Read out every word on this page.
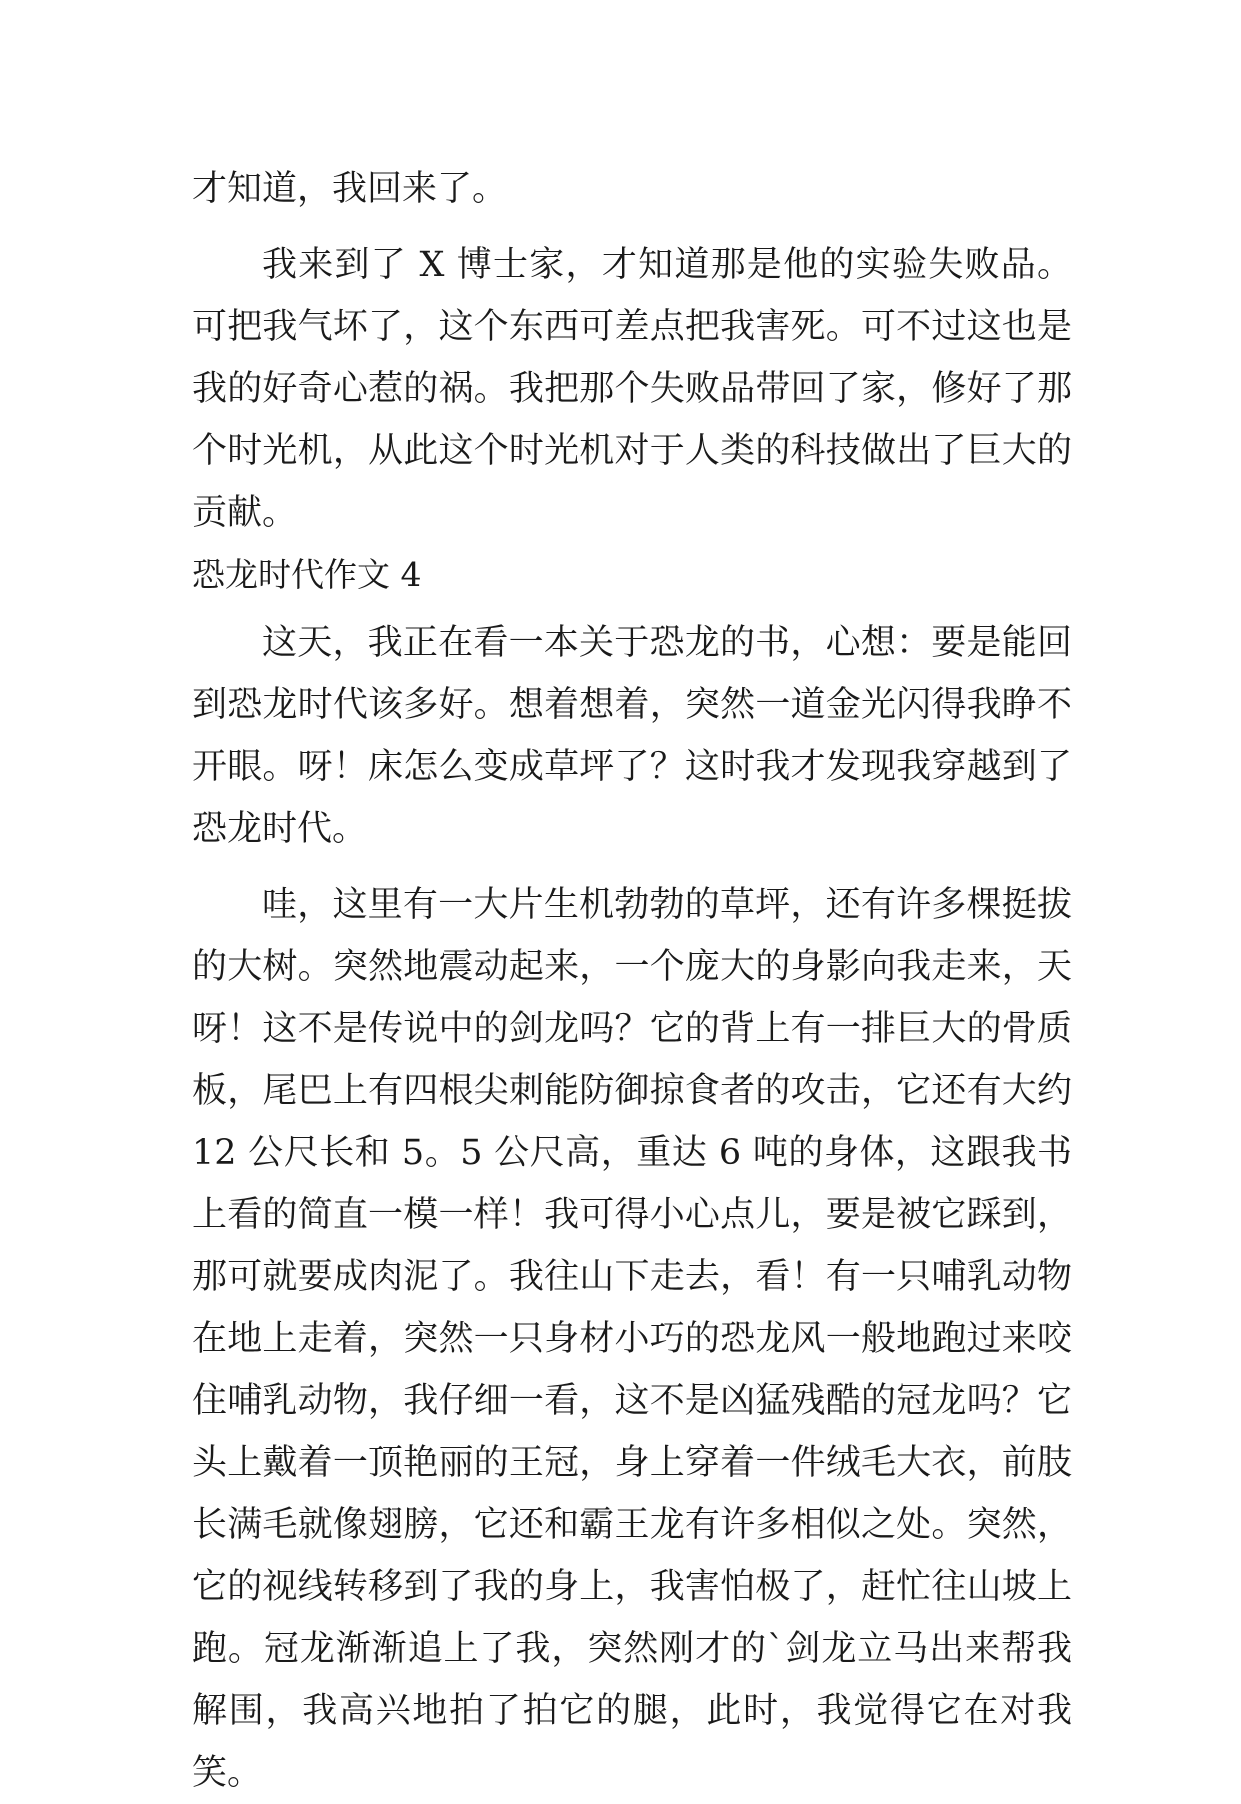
才知道，我回来了。

我来到了 X 博士家，才知道那是他的实验失败品。可把我气坏了，这个东西可差点把我害死。可不过这也是我的好奇心惹的祸。我把那个失败品带回了家，修好了那个时光机，从此这个时光机对于人类的科技做出了巨大的贡献。

恐龙时代作文 4

这天，我正在看一本关于恐龙的书，心想：要是能回到恐龙时代该多好。想着想着，突然一道金光闪得我睁不开眼。呀！床怎么变成草坪了？这时我才发现我穿越到了恐龙时代。

哇，这里有一大片生机勃勃的草坪，还有许多棵挺拔的大树。突然地震动起来，一个庞大的身影向我走来，天呀！这不是传说中的剑龙吗？它的背上有一排巨大的骨质板，尾巴上有四根尖刺能防御掠食者的攻击，它还有大约 12 公尺长和 5。5 公尺高，重达 6 吨的身体，这跟我书上看的简直一模一样！我可得小心点儿，要是被它踩到，那可就要成肉泥了。我往山下走去，看！有一只哺乳动物在地上走着，突然一只身材小巧的恐龙风一般地跑过来咬住哺乳动物，我仔细一看，这不是凶猛残酷的冠龙吗？它头上戴着一顶艳丽的王冠，身上穿着一件绒毛大衣，前肢长满毛就像翅膀，它还和霸王龙有许多相似之处。突然，它的视线转移到了我的身上，我害怕极了，赶忙往山坡上跑。冠龙渐渐追上了我，突然刚才的`剑龙立马出来帮我解围，我高兴地拍了拍它的腿，此时，我觉得它在对我笑。
